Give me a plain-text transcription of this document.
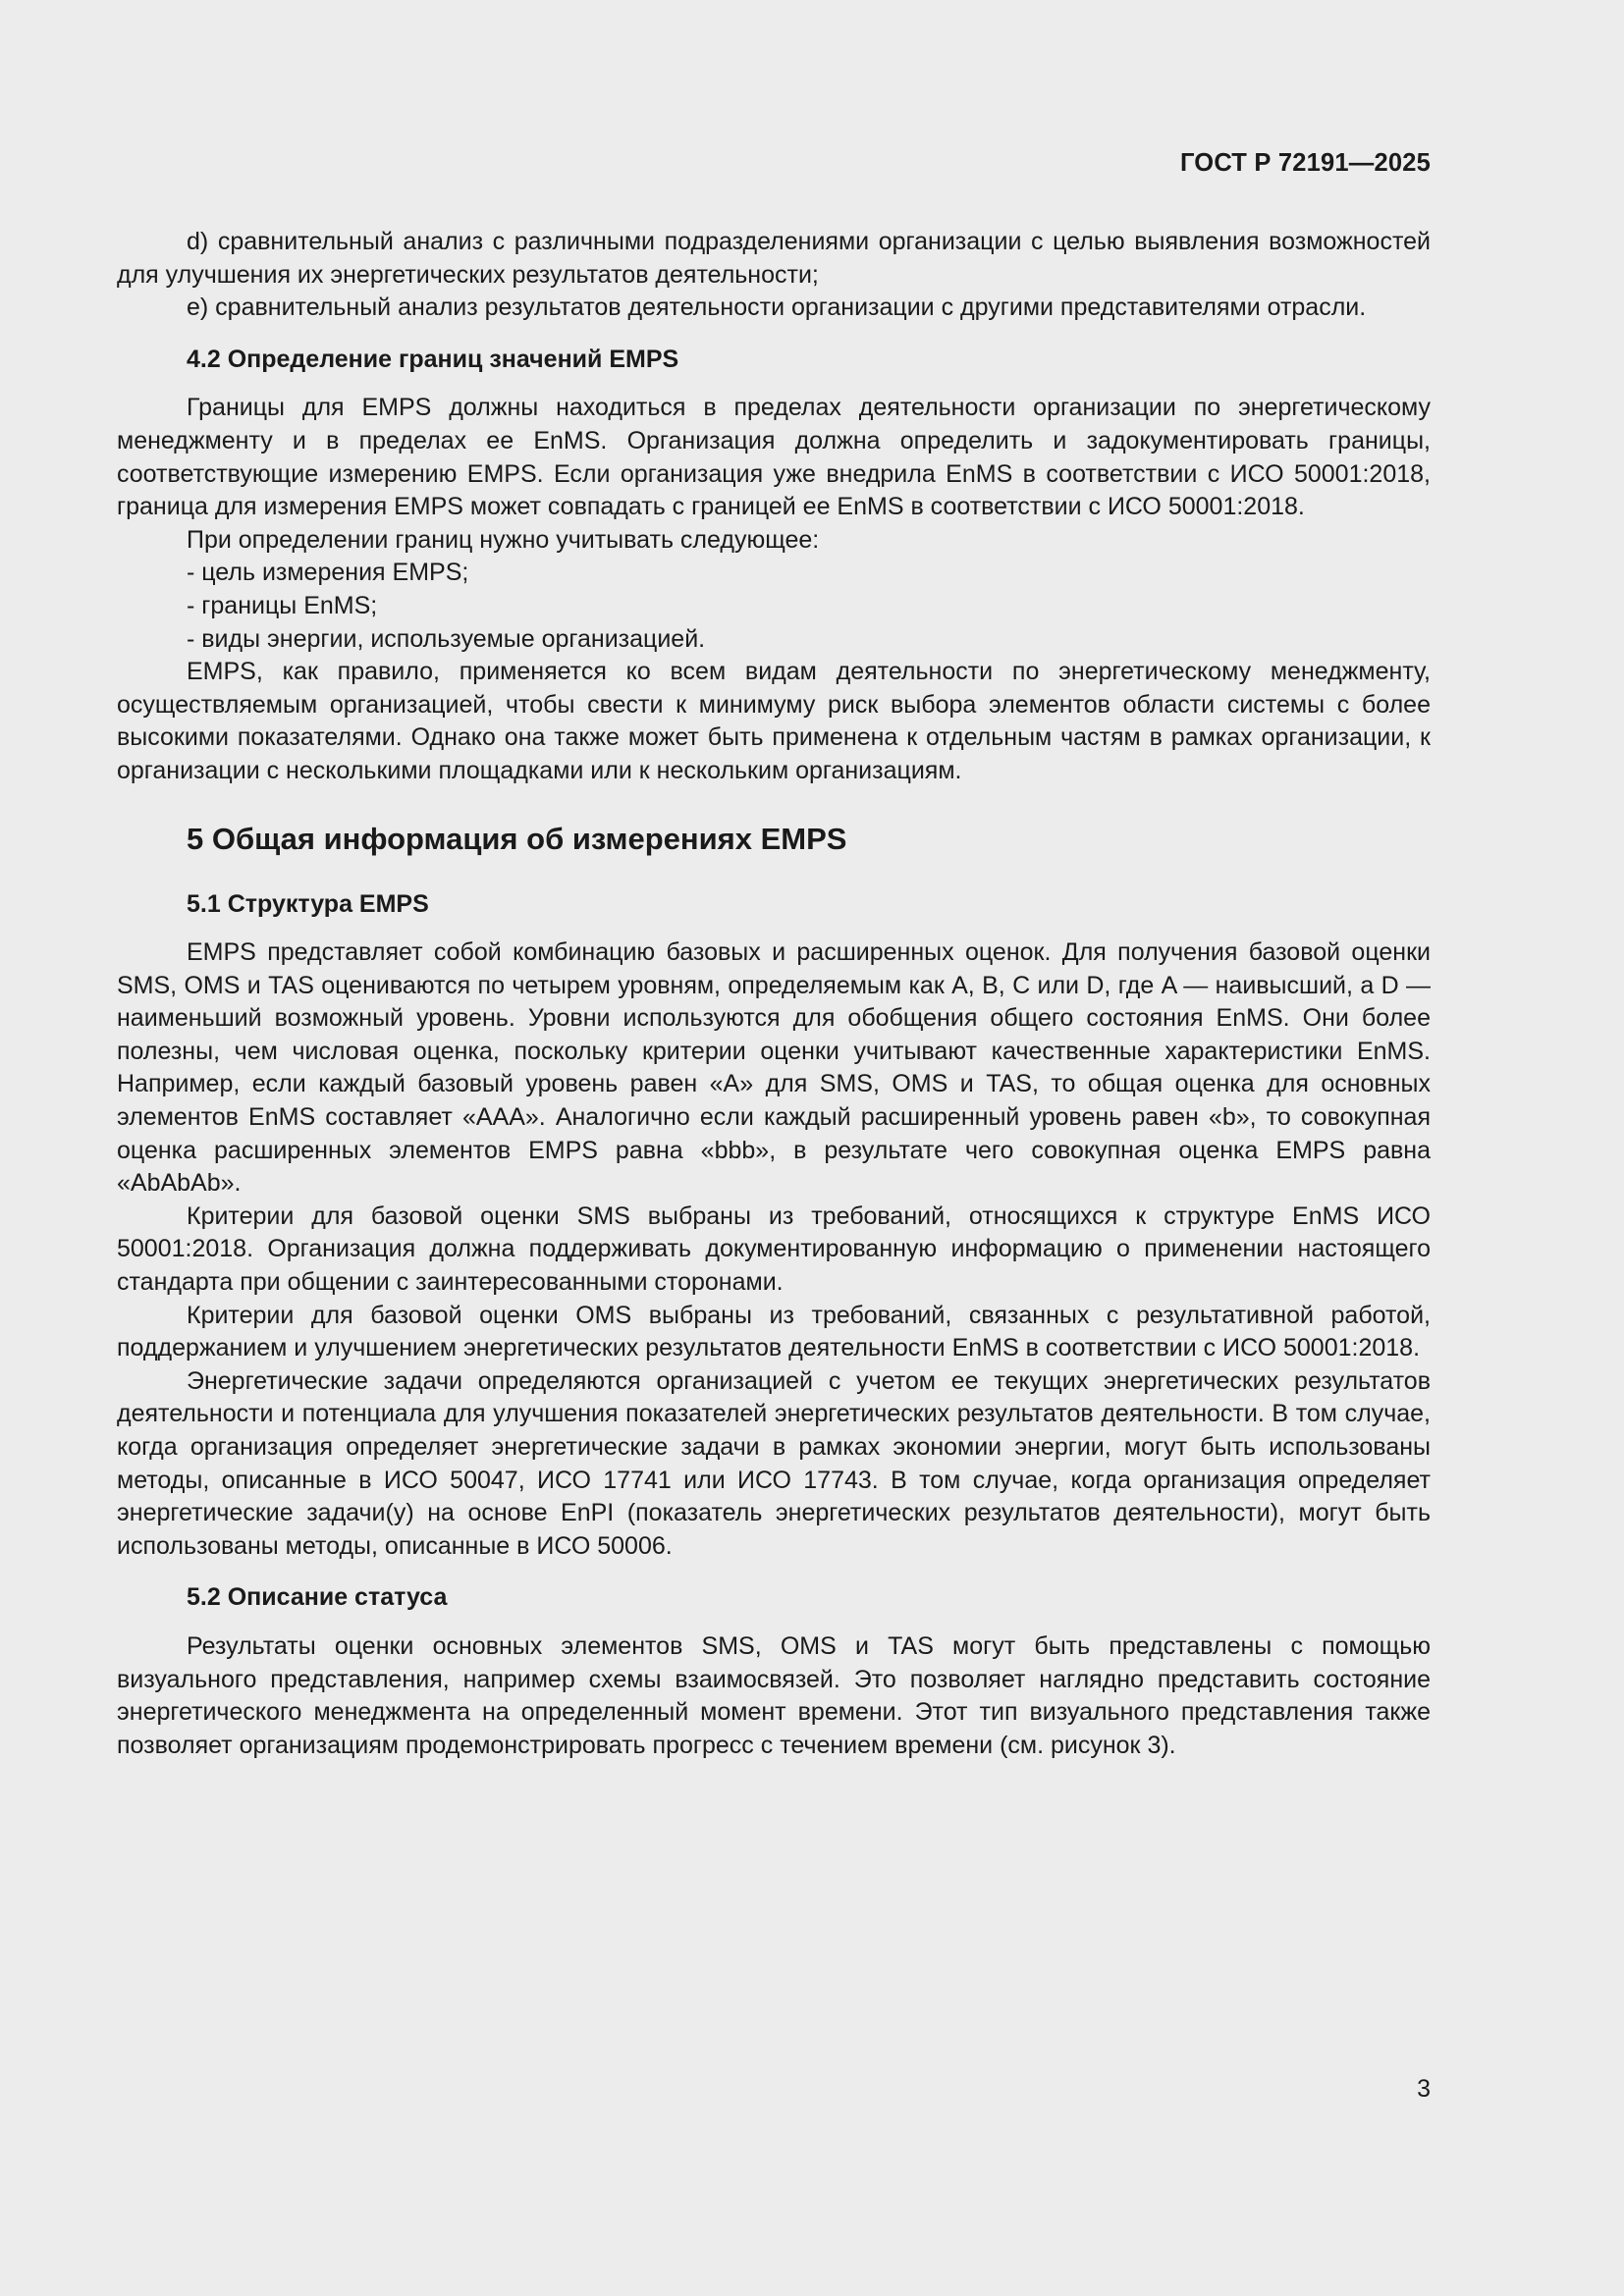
ГОСТ Р 72191—2025

d) сравнительный анализ с различными подразделениями организации с целью выявления возможностей для улучшения их энергетических результатов деятельности;

e) сравнительный анализ результатов деятельности организации с другими представителями отрасли.

4.2 Определение границ значений EMPS

Границы для EMPS должны находиться в пределах деятельности организации по энергетическому менеджменту и в пределах ее EnMS. Организация должна определить и задокументировать границы, соответствующие измерению EMPS. Если организация уже внедрила EnMS в соответствии с ИСО 50001:2018, граница для измерения EMPS может совпадать с границей ее EnMS в соответствии с ИСО 50001:2018.

При определении границ нужно учитывать следующее:

- цель измерения EMPS;

- границы EnMS;

- виды энергии, используемые организацией.

EMPS, как правило, применяется ко всем видам деятельности по энергетическому менеджменту, осуществляемым организацией, чтобы свести к минимуму риск выбора элементов области системы с более высокими показателями. Однако она также может быть применена к отдельным частям в рамках организации, к организации с несколькими площадками или к нескольким организациям.

5 Общая информация об измерениях EMPS
5.1 Структура EMPS

EMPS представляет собой комбинацию базовых и расширенных оценок. Для получения базовой оценки SMS, OMS и TAS оцениваются по четырем уровням, определяемым как A, B, C или D, где A — наивысший, а D — наименьший возможный уровень. Уровни используются для обобщения общего состояния EnMS. Они более полезны, чем числовая оценка, поскольку критерии оценки учитывают качественные характеристики EnMS. Например, если каждый базовый уровень равен «A» для SMS, OMS и TAS, то общая оценка для основных элементов EnMS составляет «AAA». Аналогично если каждый расширенный уровень равен «b», то совокупная оценка расширенных элементов EMPS равна «bbb», в результате чего совокупная оценка EMPS равна «AbAbAb».

Критерии для базовой оценки SMS выбраны из требований, относящихся к структуре EnMS ИСО 50001:2018. Организация должна поддерживать документированную информацию о применении настоящего стандарта при общении с заинтересованными сторонами.

Критерии для базовой оценки OMS выбраны из требований, связанных с результативной работой, поддержанием и улучшением энергетических результатов деятельности EnMS в соответствии с ИСО 50001:2018.

Энергетические задачи определяются организацией с учетом ее текущих энергетических результатов деятельности и потенциала для улучшения показателей энергетических результатов деятельности. В том случае, когда организация определяет энергетические задачи в рамках экономии энергии, могут быть использованы методы, описанные в ИСО 50047, ИСО 17741 или ИСО 17743. В том случае, когда организация определяет энергетические задачи(у) на основе EnPI (показатель энергетических результатов деятельности), могут быть использованы методы, описанные в ИСО 50006.

5.2 Описание статуса

Результаты оценки основных элементов SMS, OMS и TAS могут быть представлены с помощью визуального представления, например схемы взаимосвязей. Это позволяет наглядно представить состояние энергетического менеджмента на определенный момент времени. Этот тип визуального представления также позволяет организациям продемонстрировать прогресс с течением времени (см. рисунок 3).

3
